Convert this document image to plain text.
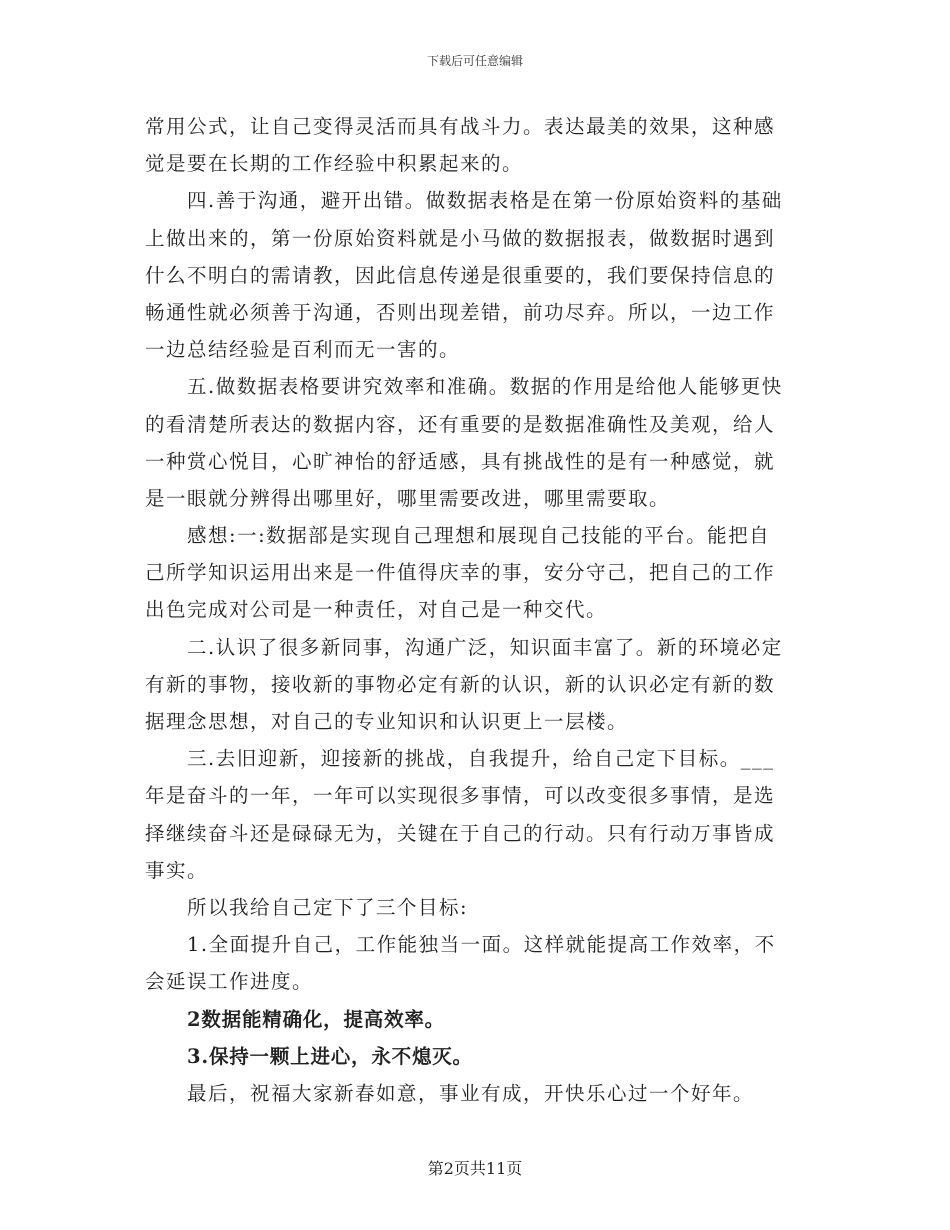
下载后可任意编辑
常用公式，让自己变得灵活而具有战斗力。表达最美的效果，这种感
觉是要在长期的工作经验中积累起来的。
四.善于沟通，避开出错。做数据表格是在第一份原始资料的基础
上做出来的，第一份原始资料就是小马做的数据报表，做数据时遇到
什么不明白的需请教，因此信息传递是很重要的，我们要保持信息的
畅通性就必须善于沟通，否则出现差错，前功尽弃。所以，一边工作
一边总结经验是百利而无一害的。
五.做数据表格要讲究效率和准确。数据的作用是给他人能够更快
的看清楚所表达的数据内容，还有重要的是数据准确性及美观，给人
一种赏心悦目，心旷神怡的舒适感，具有挑战性的是有一种感觉，就
是一眼就分辨得出哪里好，哪里需要改进，哪里需要取。
感想:一:数据部是实现自己理想和展现自己技能的平台。能把自
己所学知识运用出来是一件值得庆幸的事，安分守己，把自己的工作
出色完成对公司是一种责任，对自己是一种交代。
二.认识了很多新同事，沟通广泛，知识面丰富了。新的环境必定
有新的事物，接收新的事物必定有新的认识，新的认识必定有新的数
据理念思想，对自己的专业知识和认识更上一层楼。
三.去旧迎新，迎接新的挑战，自我提升，给自己定下目标。___
年是奋斗的一年，一年可以实现很多事情，可以改变很多事情，是选
择继续奋斗还是碌碌无为，关键在于自己的行动。只有行动万事皆成
事实。
所以我给自己定下了三个目标:
1.全面提升自己，工作能独当一面。这样就能提高工作效率，不
会延误工作进度。
2数据能精确化，提高效率。
3.保持一颗上进心，永不熄灭。
最后，祝福大家新春如意，事业有成，开快乐心过一个好年。
第2页共11页
